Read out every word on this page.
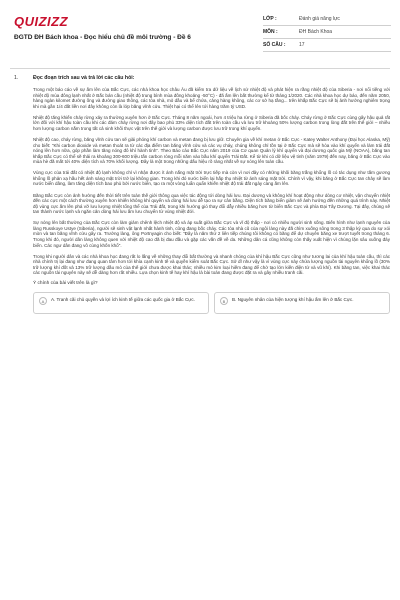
QUIZIZZ
ĐGTD ĐH Bách khoa - Đọc hiểu chủ đề môi trường - Đề 6
LỚP :	Đánh giá năng lực
MÔN :	ĐH Bách Khoa
SỐ CÂU :	17
1.	Đọc đoạn trích sau và trả lời các câu hỏi:

Trong một báo cáo về sự ấm lên của Bắc Cực, các nhà khoa học châu Âu đã kiểm tra dữ liệu về lịch sử nhiệt độ và phát hiện ra rằng nhiệt độ của Siberia - nơi nổi tiếng với nhiệt độ mùa đông lạnh nhất ở Bắc bán cầu (nhiệt độ trung bình mùa đông khoảng -50°C) - đã ấm lên bất thường kể từ tháng 1/2020. Các nhà khoa học dự báo, đến năm 2050, hàng ngàn kilomet đường ống và đường giao thông, các tòa nhà, mỏ dầu và bể chứa, cảng hàng không, các cơ sở hạ tầng... trên khắp Bắc Cực sẽ bị ảnh hưởng nghiêm trọng khi mà gần 1/4 đất liền nơi đây không còn là lớp băng vĩnh cửu. Thiệt hại có thể lên tới hàng trăm tỷ USD.

Nhiệt độ tăng khiến cháy rừng xảy ra thường xuyên hơn ở Bắc Cực. Tháng 8 năm ngoái, hơn 4 triệu ha rừng ở Siberia đã bốc cháy. Cháy rừng ở Bắc Cực cùng gây hậu quả rất lớn đối với khí hậu toàn cầu khi các đám cháy rừng nơi đây bao phủ 33% diện tích đất trên toàn cầu và lưu trữ khoảng 50% lượng carbon trong lòng đất trên thế giới – nhiều hơn lượng carbon nằm trong tất cả sinh khối thực vật trên thế giới và lượng carbon được lưu trữ trong khí quyển.

Nhiệt độ cao, cháy rừng, băng vĩnh cửu tan sẽ giải phóng khí carbon và metan đang bị lưu giữ. Chuyên gia về khí metan ở Bắc Cực - Katey Walter Anthony (Đại học Alaska, Mỹ) cho biết: "Khi carbon dioxide và metan thoát ra từ các địa điểm tan băng vĩnh cửu và các vụ cháy, chúng không chỉ tồn tại ở Bắc Cực mà sẽ hòa vào khí quyển và làm trái đất nóng lên hơn nữa, góp phần làm tăng nóng đô khí hành tinh". Theo Báo cáo Bắc Cực năm 2019 của Cơ quan Quản lý khí quyển và đại dương quốc gia Mỹ (NOAA), băng tan khắp Bắc Cực có thể sẽ thải ra khoảng 300-600 triệu tấn carbon ròng mỗi năm vào bầu khí quyển Trái Đất. Kể từ khi có dữ liệu vệ tinh (năm 1979) đến nay, băng ở Bắc Cực vào mùa hè đã mất tới 40% diện tích và 70% khối lượng. Đây là một trong những dấu hiệu rõ ràng nhất về sự nóng lên toàn cầu.

Vùng cực của trái đất có nhiệt độ lạnh không chỉ vì nhận được ít ánh nắng mặt trời trực tiếp mà còn vì nơi đây có những khối băng trắng khổng lồ có tác dụng như tấm gương khổng lồ phản xạ hầu hết ánh sáng mặt trời trở lại không gian. Trong khi đó nước biển lại hấp thụ nhiệt từ ánh sáng mặt trời. Chính vì vậy, khi băng ở Bắc Cực tan chảy sẽ làm nước biển dâng, làm tăng diện tích bao phủ bởi nước biển, tạo ra một vòng luẩn quẩn khiến nhiệt độ trái đất ngày càng ấm lên.

Băng Bắc Cực còn ảnh hưởng đến thời tiết trên toàn thế giới thông qua việc tác động tới dòng hải lưu. Đại dương và không khí hoạt động như dòng cơ nhiệt, vận chuyển nhiệt đến các cực một cách thường xuyên hơn khiến không khí quyển và dòng hải lưu dễ tạo ra sự cân bằng. Diện tích băng biển giảm sẽ ảnh hưởng đến những quá trình này. Nhiệt độ vùng cực ấm lên phá vỡ lưu lượng nhiệt tổng thể của Trái đất, trong khi hướng gió thay đổi dẫy nhiều băng hơn từ biển Bắc Cực và phía Đại Tây Dương. Tại đây, chúng sẽ tan thành nước lạnh và ngăn cản dòng hải lưu ấm lưu chuyển từ vùng nhiệt đới.

Sự nóng lên bất thường của Bắc Cực còn làm giảm chênh lệch nhiệt độ và áp suất giữa Bắc Cực và vĩ độ thấp - nơi có nhiều người sinh sống. Biến hình như lạnh nguyên của làng Russkoye Ustye (Siberia), người sẽ sinh vật lạnh nhất hành tinh, cũng đang bốc cháy. Các tòa nhà cũ của ngôi làng này đã chìm xuống sông trong 3 thập kỷ qua do sự xói mòn và tan băng vĩnh cửu gây ra. Trưởng làng, ông Portnyagin cho biết: "Đây là năm thứ 2 liên tiếp chúng tôi không có băng để dự chuyên băng xe trượt tuyết trong tháng 6. Trong khi đó, người dân làng không quen với nhiệt độ cao đã bị đau đầu và gặp các vấn đề về da. Những dân cá cũng không còn thấy xuất hiện vì chúng lặn sâu xuống đáy biển. Các ngư dân đang vô cùng khốn khổ".

Trong khi người dân và các nhà khoa học đang rất lo lắng về những thay đổi bất thường và nhanh chóng của khí hậu Bắc Cực cũng như tương lai của khí hậu toàn cầu, thì các nhà chính trị lại đang như đang quan tâm hơn tới khía cạnh kinh tế và quyền kiểm soát Bắc Cực. Sở dĩ như vậy là vì vùng cực này chứa lượng nguồn tài nguyên khổng lồ (30% trữ lượng khí đốt và 13% trữ lượng dầu mỏ của thế giới chưa được khai thác; nhiều mỏ kim loại hiếm đang để chờ tạo lớn kiến điện tử và vũ khí). Khi băng tan, việc khai thác các nguồn tài nguyên này sẽ dễ dàng hơn rất nhiều. Lựa chọn kinh tế hay khí hậu là bài toán đang được đặt ra và gây nhiều tranh cãi.

Ý chính của bài viết trên là gì?
A	A. Tranh cãi chủ quyền và lợi ích kinh tế giữa các quốc gia ở Bắc Cực.	B	B. Nguyên nhân của hiện tượng khí hậu ấm lên ở Bắc Cực.
